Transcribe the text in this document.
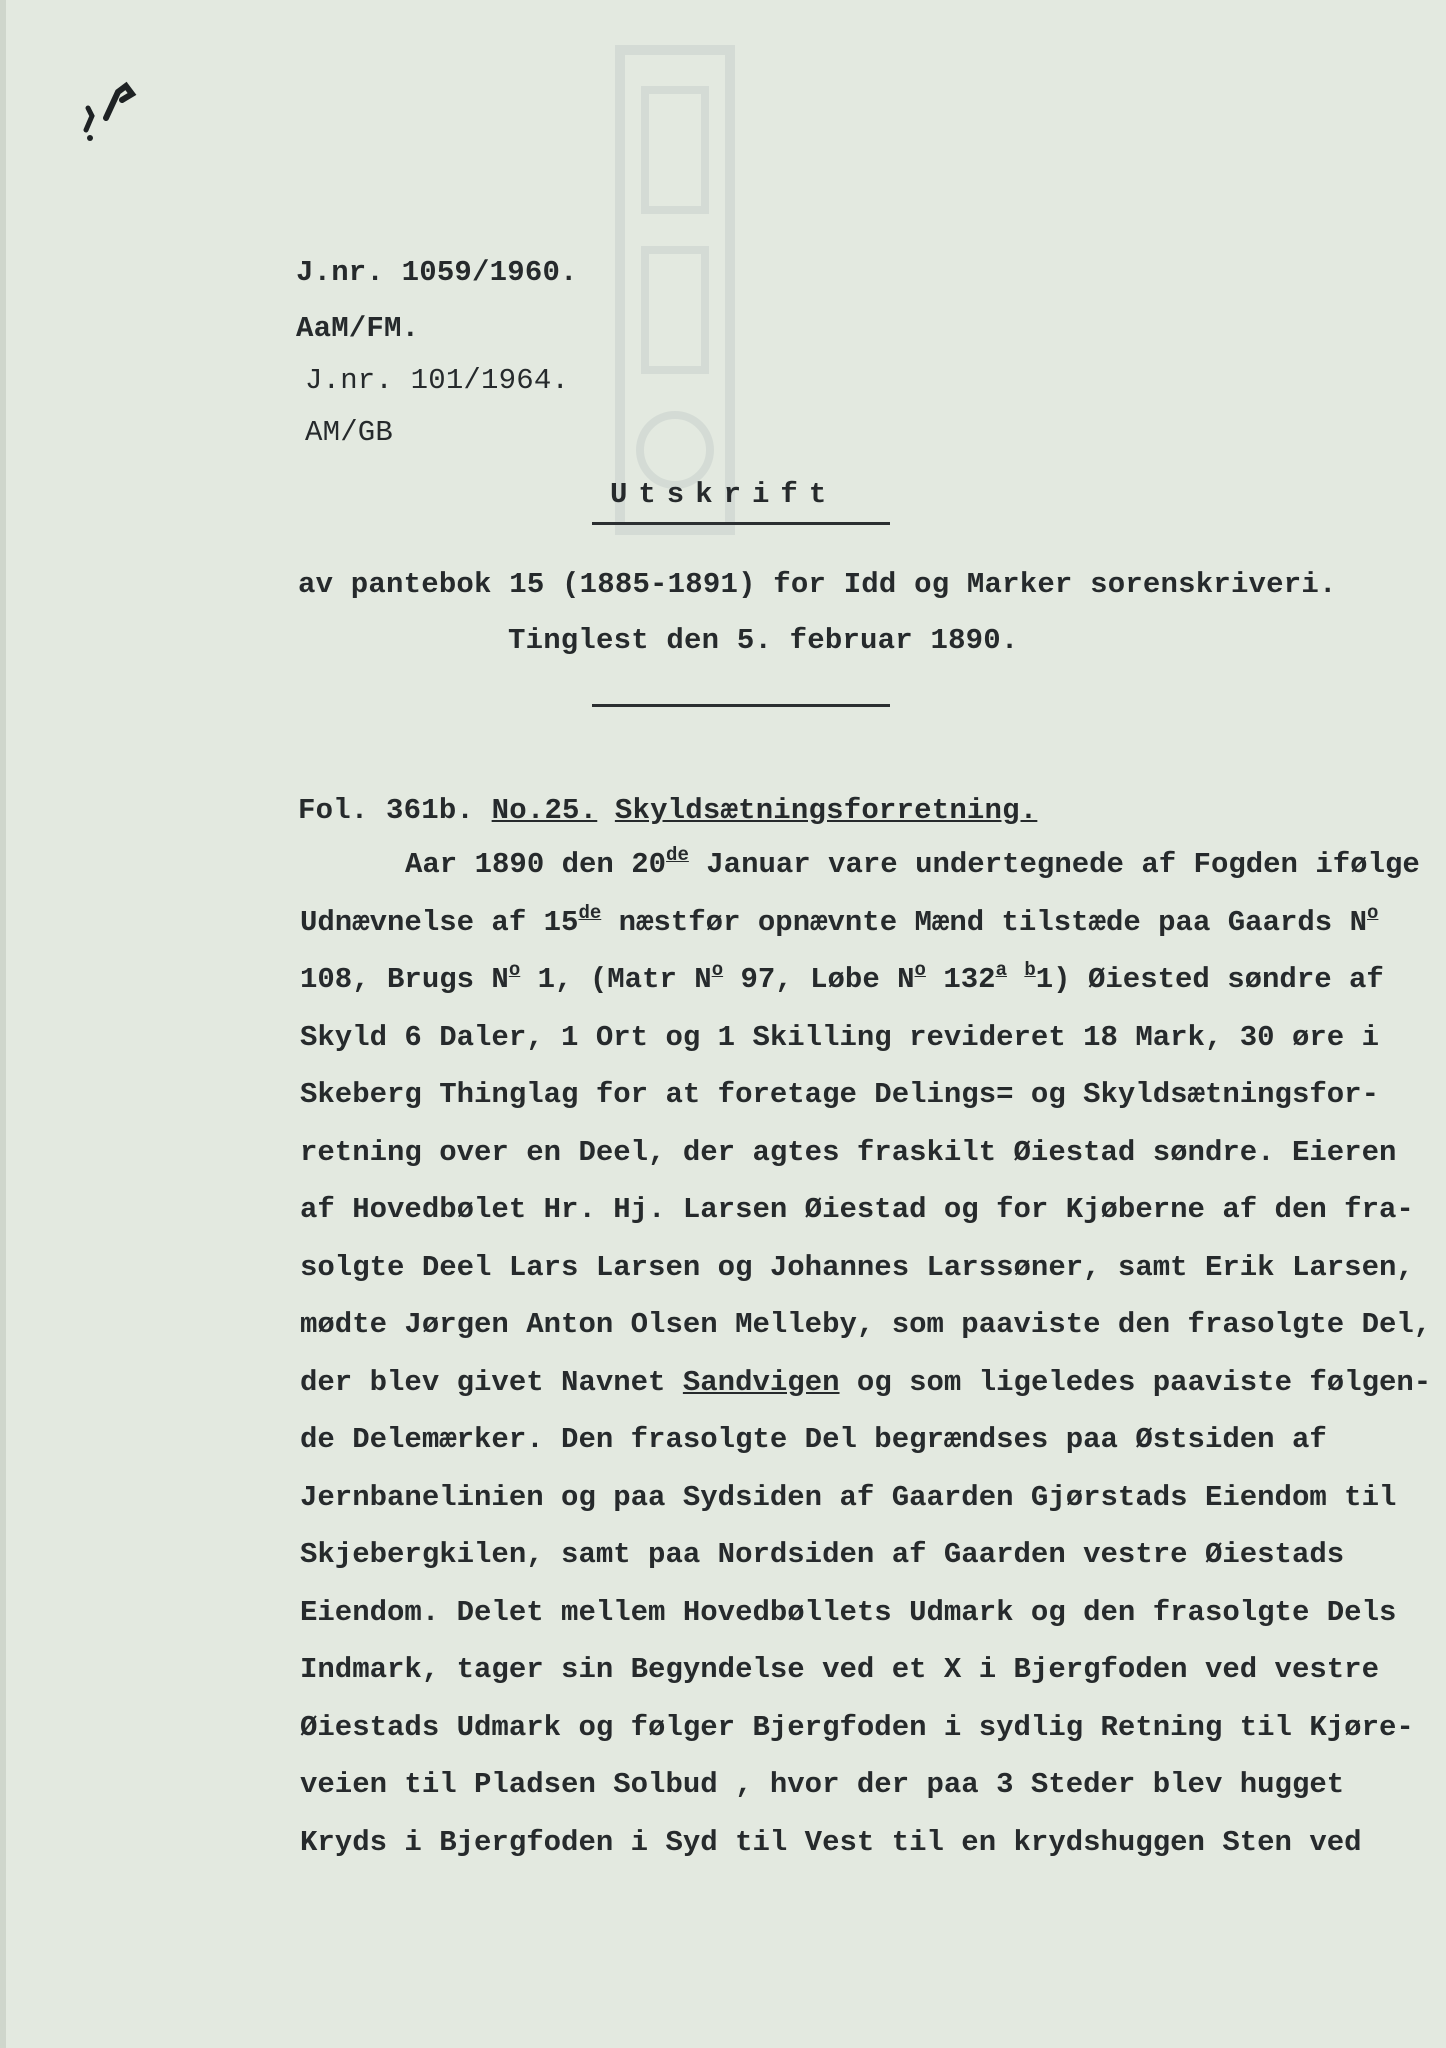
J.nr. 1059/1960.
AaM/FM.
J.nr. 101/1964.
AM/GB
Utskrift
av pantebok 15 (1885-1891) for Idd og Marker sorenskriveri.
Tinglest den 5. februar 1890.
Fol. 361b. No.25. Skyldsætningsforretning.
Aar 1890 den 20de Januar vare undertegnede af Fogden ifølge
Udnævnelse af 15de næstfør opnævnte Mænd tilstæde paa Gaards $N^o$
108, Brugs $N^o$ 1, (Matr $N^o$ 97, Løbe $N^o$ 132$^a$ $^b$1) Øiested søndre af
Skyld 6 Daler, 1 Ort og 1 Skilling revideret 18 Mark, 30 øre i
Skeberg Thinglag for at foretage Delings= og Skyldsætningsfor-
retning over en Deel, der agtes fraskilt Øiestad søndre. Eieren
af Hovedbølet Hr. Hj. Larsen Øiestad og for Kjøberne af den fra-
solgte Deel Lars Larsen og Johannes Larssøner, samt Erik Larsen,
mødte Jørgen Anton Olsen Melleby, som paaviste den frasolgte Del,
der blev givet Navnet Sandvigen og som ligeledes paaviste følgen-
de Delemærker. Den frasolgte Del begrændses paa Østsiden af
Jernbanelinien og paa Sydsiden af Gaarden Gjørstads Eiendom til
Skjebergkilen, samt paa Nordsiden af Gaarden vestre Øiestads
Eiendom. Delet mellem Hovedbøllets Udmark og den frasolgte Dels
Indmark, tager sin Begyndelse ved et X i Bjergfoden ved vestre
Øiestads Udmark og følger Bjergfoden i sydlig Retning til Kjøre-
veien til Pladsen Solbud , hvor der paa 3 Steder blev hugget
Kryds i Bjergfoden i Syd til Vest til en krydshuggen Sten ved
